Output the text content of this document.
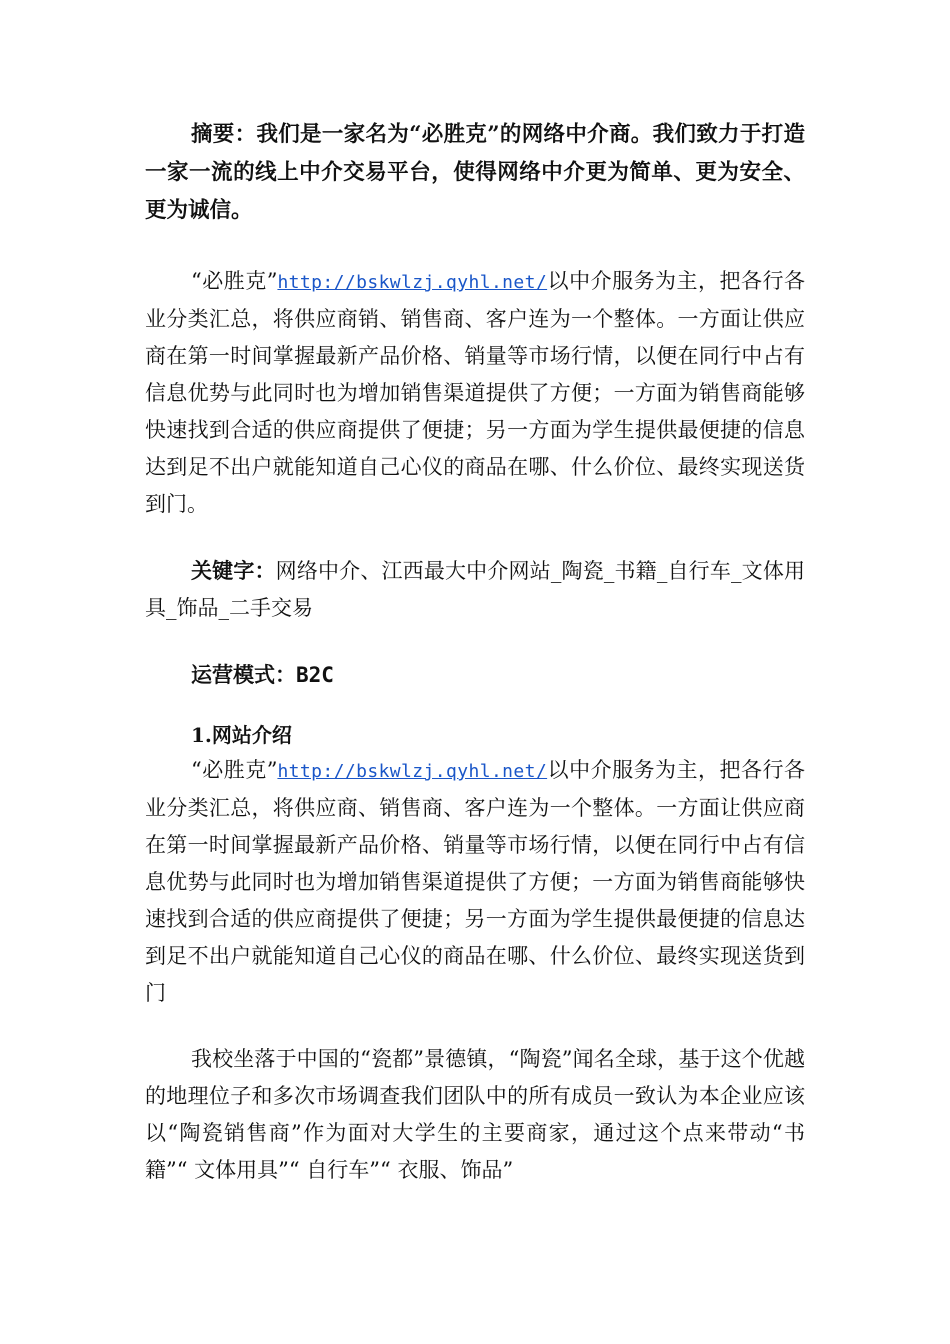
摘要：我们是一家名为“必胜克”的网络中介商。我们致力于打造一家一流的线上中介交易平台，使得网络中介更为简单、更为安全、更为诚信。

“必胜克”http://bskwlzj.qyhl.net/以中介服务为主，把各行各业分类汇总，将供应商销、销售商、客户连为一个整体。一方面让供应商在第一时间掌握最新产品价格、销量等市场行情，以便在同行中占有信息优势与此同时也为增加销售渠道提供了方便；一方面为销售商能够快速找到合适的供应商提供了便捷；另一方面为学生提供最便捷的信息达到足不出户就能知道自己心仪的商品在哪、什么价位、最终实现送货到门。

关键字：网络中介、江西最大中介网站_陶瓷_书籍_自行车_文体用具_饰品_二手交易

运营模式：B2C

1.网站介绍

“必胜克”http://bskwlzj.qyhl.net/以中介服务为主，把各行各业分类汇总，将供应商、销售商、客户连为一个整体。一方面让供应商在第一时间掌握最新产品价格、销量等市场行情，以便在同行中占有信息优势与此同时也为增加销售渠道提供了方便；一方面为销售商能够快速找到合适的供应商提供了便捷；另一方面为学生提供最便捷的信息达到足不出户就能知道自己心仪的商品在哪、什么价位、最终实现送货到门

我校坐落于中国的“瓷都”景德镇，“陶瓷”闻名全球，基于这个优越的地理位子和多次市场调查我们团队中的所有成员一致认为本企业应该以“陶瓷销售商”作为面对大学生的主要商家，通过这个点来带动“书籍”“ 文体用具”“ 自行车”“ 衣服、饰品”
